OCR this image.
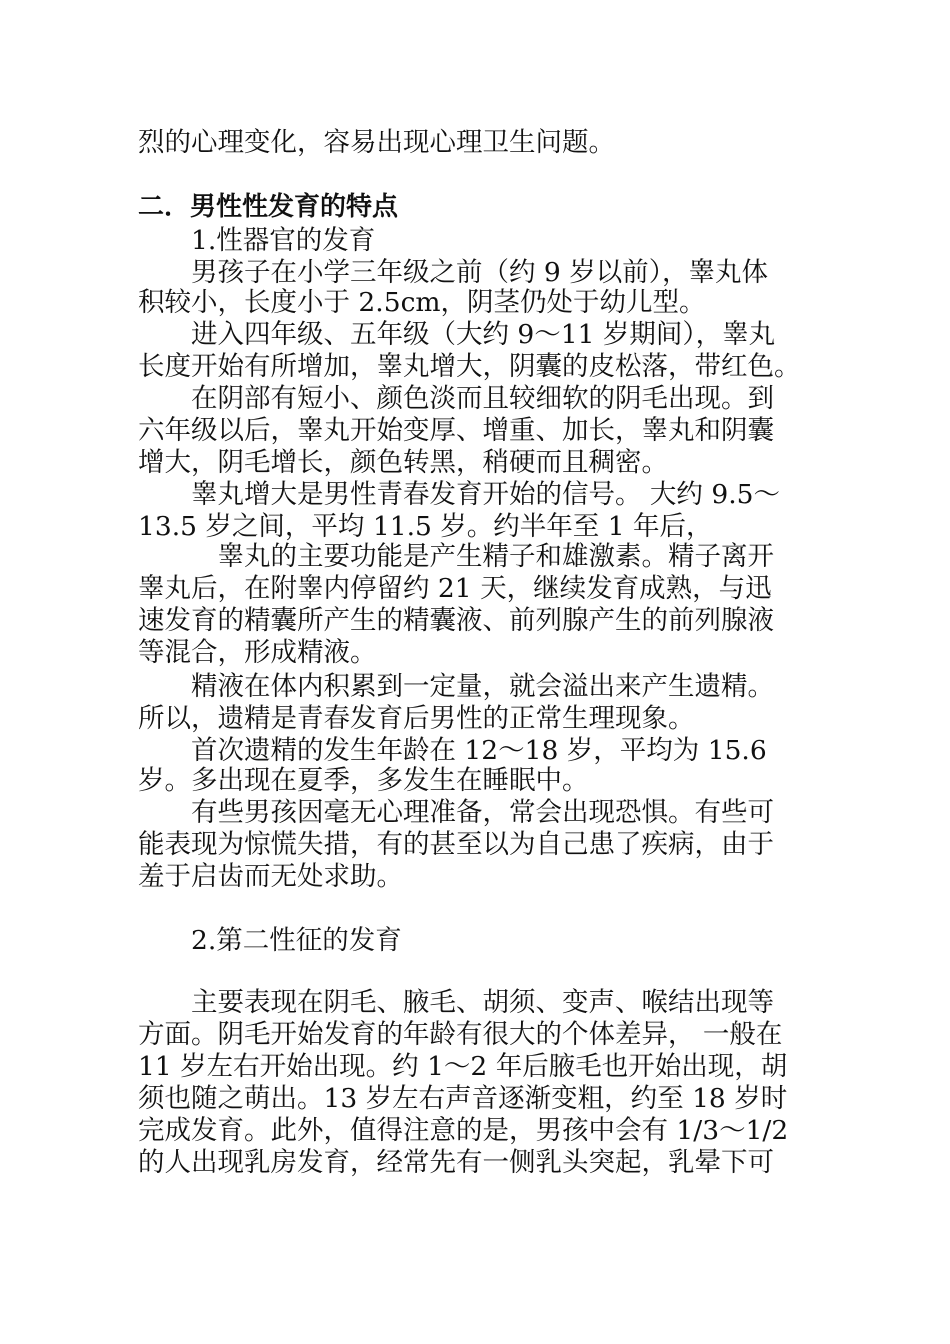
烈的心理变化，容易出现心理卫生问题。
二．男性性发育的特点
　　1.性器官的发育
　　男孩子在小学三年级之前（约 9 岁以前），睾丸体
积较小，长度小于 2.5cm，阴茎仍处于幼儿型。
　　进入四年级、五年级（大约 9～11 岁期间），睾丸
长度开始有所增加，睾丸增大，阴囊的皮松落，带红色。
　　在阴部有短小、颜色淡而且较细软的阴毛出现。到
六年级以后，睾丸开始变厚、增重、加长，睾丸和阴囊
增大，阴毛增长，颜色转黑，稍硬而且稠密。
　　睾丸增大是男性青春发育开始的信号。 大约 9.5～
13.5 岁之间，平均 11.5 岁。约半年至 1 年后，
　　　睾丸的主要功能是产生精子和雄激素。精子离开
睾丸后，在附睾内停留约 21 天，继续发育成熟，与迅
速发育的精囊所产生的精囊液、前列腺产生的前列腺液
等混合，形成精液。
　　精液在体内积累到一定量，就会溢出来产生遗精。
所以，遗精是青春发育后男性的正常生理现象。
　　首次遗精的发生年龄在 12～18 岁，平均为 15.6
岁。多出现在夏季，多发生在睡眠中。
　　有些男孩因毫无心理准备，常会出现恐惧。有些可
能表现为惊慌失措，有的甚至以为自己患了疾病，由于
羞于启齿而无处求助。
　　2.第二性征的发育
　　主要表现在阴毛、腋毛、胡须、变声、喉结出现等
方面。阴毛开始发育的年龄有很大的个体差异， 一般在
11 岁左右开始出现。约 1～2 年后腋毛也开始出现，胡
须也随之萌出。13 岁左右声音逐渐变粗，约至 18 岁时
完成发育。此外，值得注意的是，男孩中会有 1/3～1/2
的人出现乳房发育，经常先有一侧乳头突起，乳晕下可
